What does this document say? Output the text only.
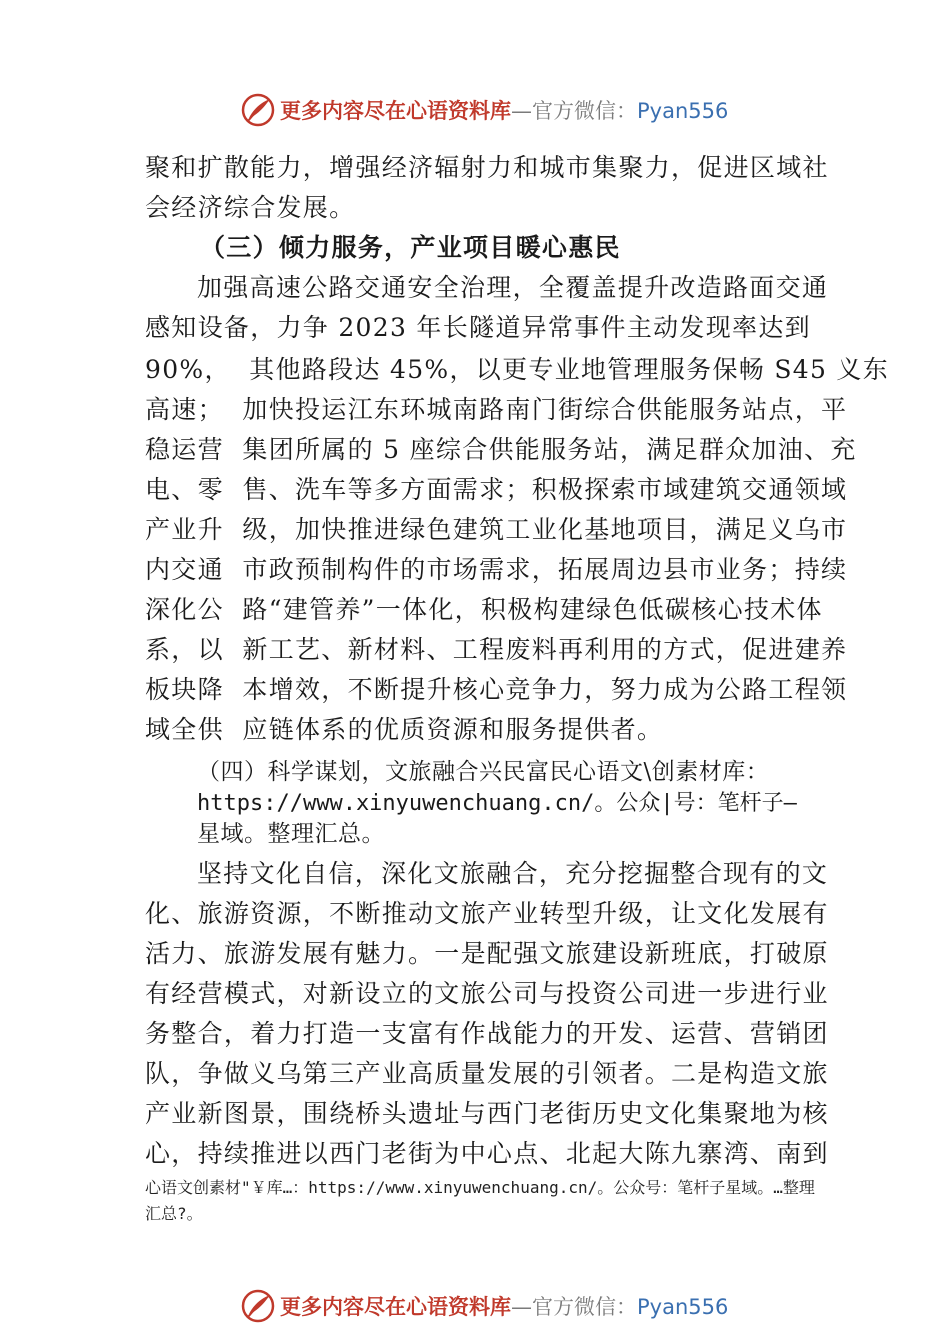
更多内容尽在心语资料库—官方微信：Pyan556
聚和扩散能力，增强经济辐射力和城市集聚力，促进区域社
会经济综合发展。
（三）倾力服务，产业项目暖心惠民
加强高速公路交通安全治理，全覆盖提升改造路面交通
感知设备，力争 2023 年长隧道异常事件主动发现率达到
90%，  其他路段达 45%，以更专业地管理服务保畅 S45 义东
高速；  加快投运江东环城南路南门街综合供能服务站点，平
稳运营  集团所属的 5 座综合供能服务站，满足群众加油、充
电、零  售、洗车等多方面需求；积极探索市域建筑交通领域
产业升  级，加快推进绿色建筑工业化基地项目，满足义乌市
内交通  市政预制构件的市场需求，拓展周边县市业务；持续
深化公  路“建管养”一体化，积极构建绿色低碳核心技术体
系，以  新工艺、新材料、工程废料再利用的方式，促进建养
板块降  本增效，不断提升核心竞争力，努力成为公路工程领
域全供  应链体系的优质资源和服务提供者。
（四）科学谋划，文旅融合兴民富民心语文\创素材库：
https://www.xinyuwenchuang.cn/。公众|号：笔杆子—
星域。整理汇总。
坚持文化自信，深化文旅融合，充分挖掘整合现有的文
化、旅游资源，不断推动文旅产业转型升级，让文化发展有
活力、旅游发展有魅力。一是配强文旅建设新班底，打破原
有经营模式，对新设立的文旅公司与投资公司进一步进行业
务整合，着力打造一支富有作战能力的开发、运营、营销团
队，争做义乌第三产业高质量发展的引领者。二是构造文旅
产业新图景，围绕桥头遗址与西门老街历史文化集聚地为核
心，持续推进以西门老街为中心点、北起大陈九寨湾、南到
心语文创素材"￥库…：https://www.xinyuwenchuang.cn/。公众号：笔杆子星域。…整理
汇总?。
更多内容尽在心语资料库—官方微信：Pyan556
